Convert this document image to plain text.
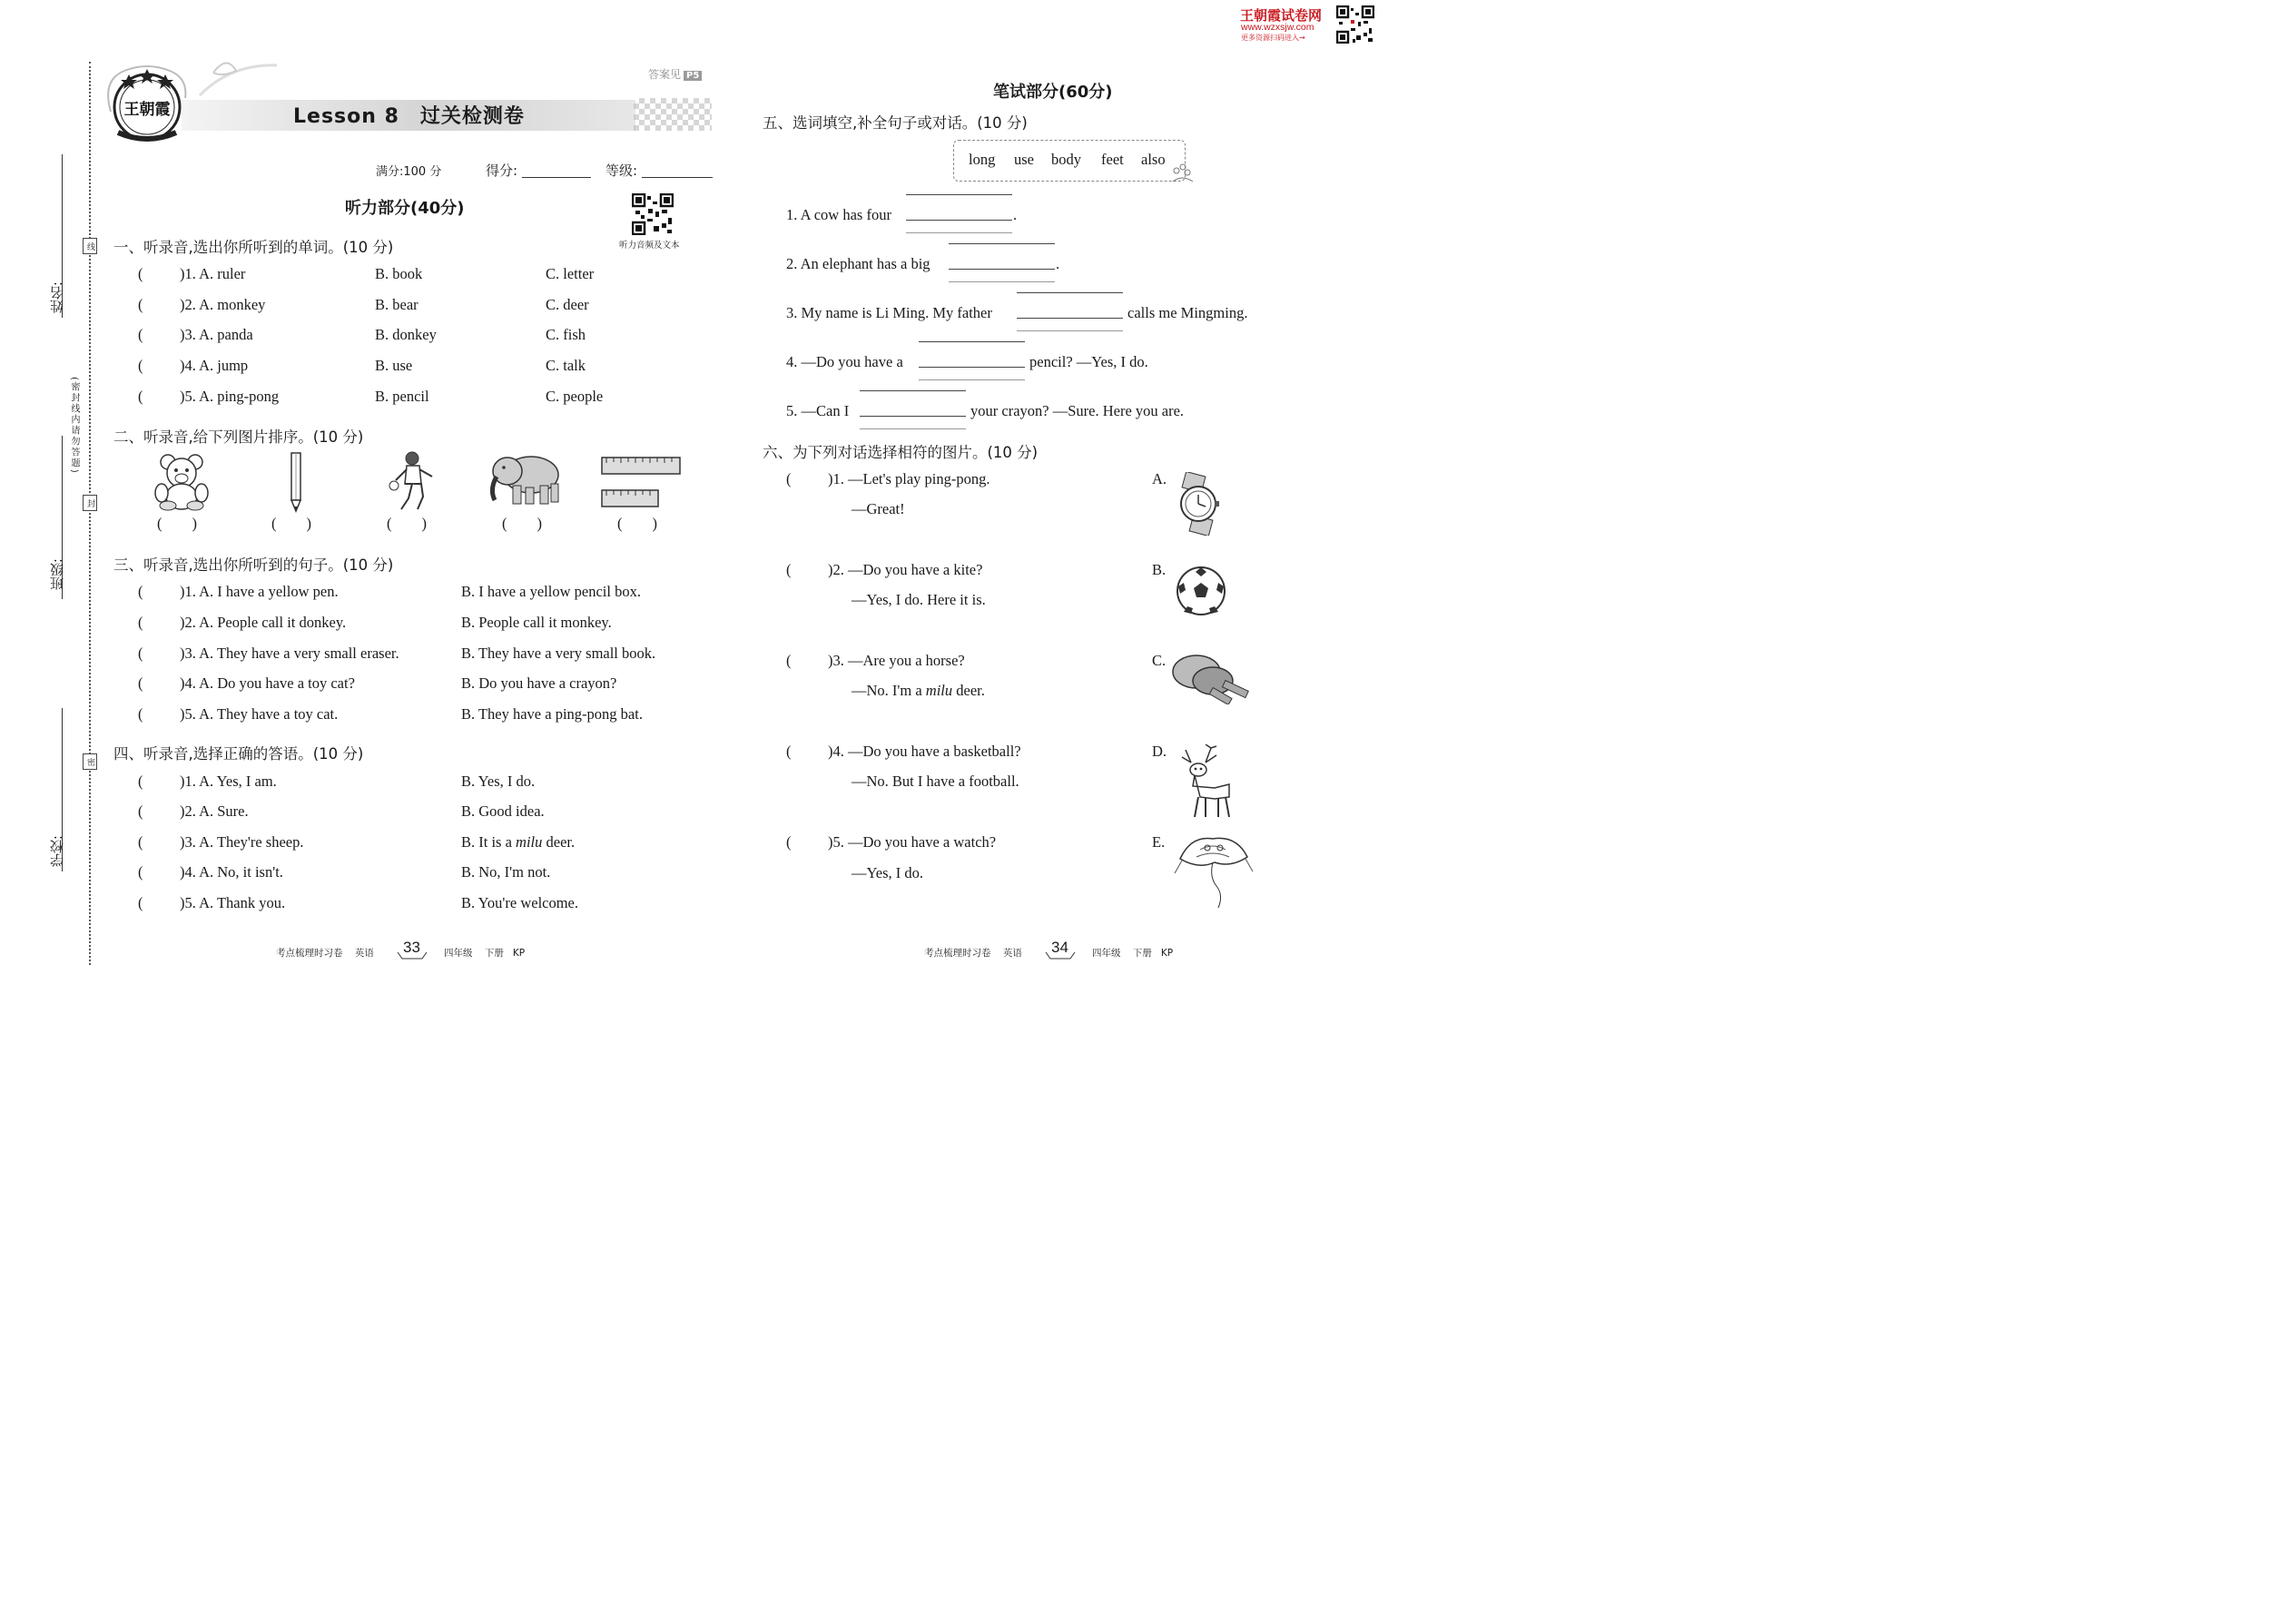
王朝霞试卷网
www.wzxsjw.com
更多资源扫码进入→
姓名:
班级:
学校:
线
封
密
(密封线内请勿答题)
王朝霞
答案见 P5
Lesson 8　过关检测卷
满分:100 分	得分:	等级:
听力部分(40分)
听力音频及文本
一、听录音,选出你所听到的单词。(10 分)
( )1. A. ruler	B. book	C. letter
( )2. A. monkey	B. bear	C. deer
( )3. A. panda	B. donkey	C. fish
( )4. A. jump	B. use	C. talk
( )5. A. ping-pong	B. pencil	C. people
二、听录音,给下列图片排序。(10 分)
(  )	(  )	(  )	(  )	(  )
三、听录音,选出你所听到的句子。(10 分)
( )1. A. I have a yellow pen.	B. I have a yellow pencil box.
( )2. A. People call it donkey.	B. People call it monkey.
( )3. A. They have a very small eraser.	B. They have a very small book.
( )4. A. Do you have a toy cat?	B. Do you have a crayon?
( )5. A. They have a toy cat.	B. They have a ping-pong bat.
四、听录音,选择正确的答语。(10 分)
( )1. A. Yes, I am.	B. Yes, I do.
( )2. A. Sure.	B. Good idea.
( )3. A. They're sheep.	B. It is a milu deer.
( )4. A. No, it isn't.	B. No, I'm not.
( )5. A. Thank you.	B. You're welcome.
考点梳理时习卷 英语 33 四年级 下册 KP
笔试部分(60分)
五、选词填空,补全句子或对话。(10 分)
long use body feet also
1. A cow has four	.
2. An elephant has a big	.
3. My name is Li Ming. My father	calls me Mingming.
4. —Do you have a	pencil? —Yes, I do.
5. —Can I	your crayon? —Sure. Here you are.
六、为下列对话选择相符的图片。(10 分)
( )1. —Let's play ping-pong.
—Great!
A.
( )2. —Do you have a kite?
—Yes, I do. Here it is.
B.
( )3. —Are you a horse?
—No. I'm a milu deer.
C.
( )4. —Do you have a basketball?
—No. But I have a football.
D.
( )5. —Do you have a watch?
—Yes, I do.
E.
考点梳理时习卷 英语 34 四年级 下册 KP
